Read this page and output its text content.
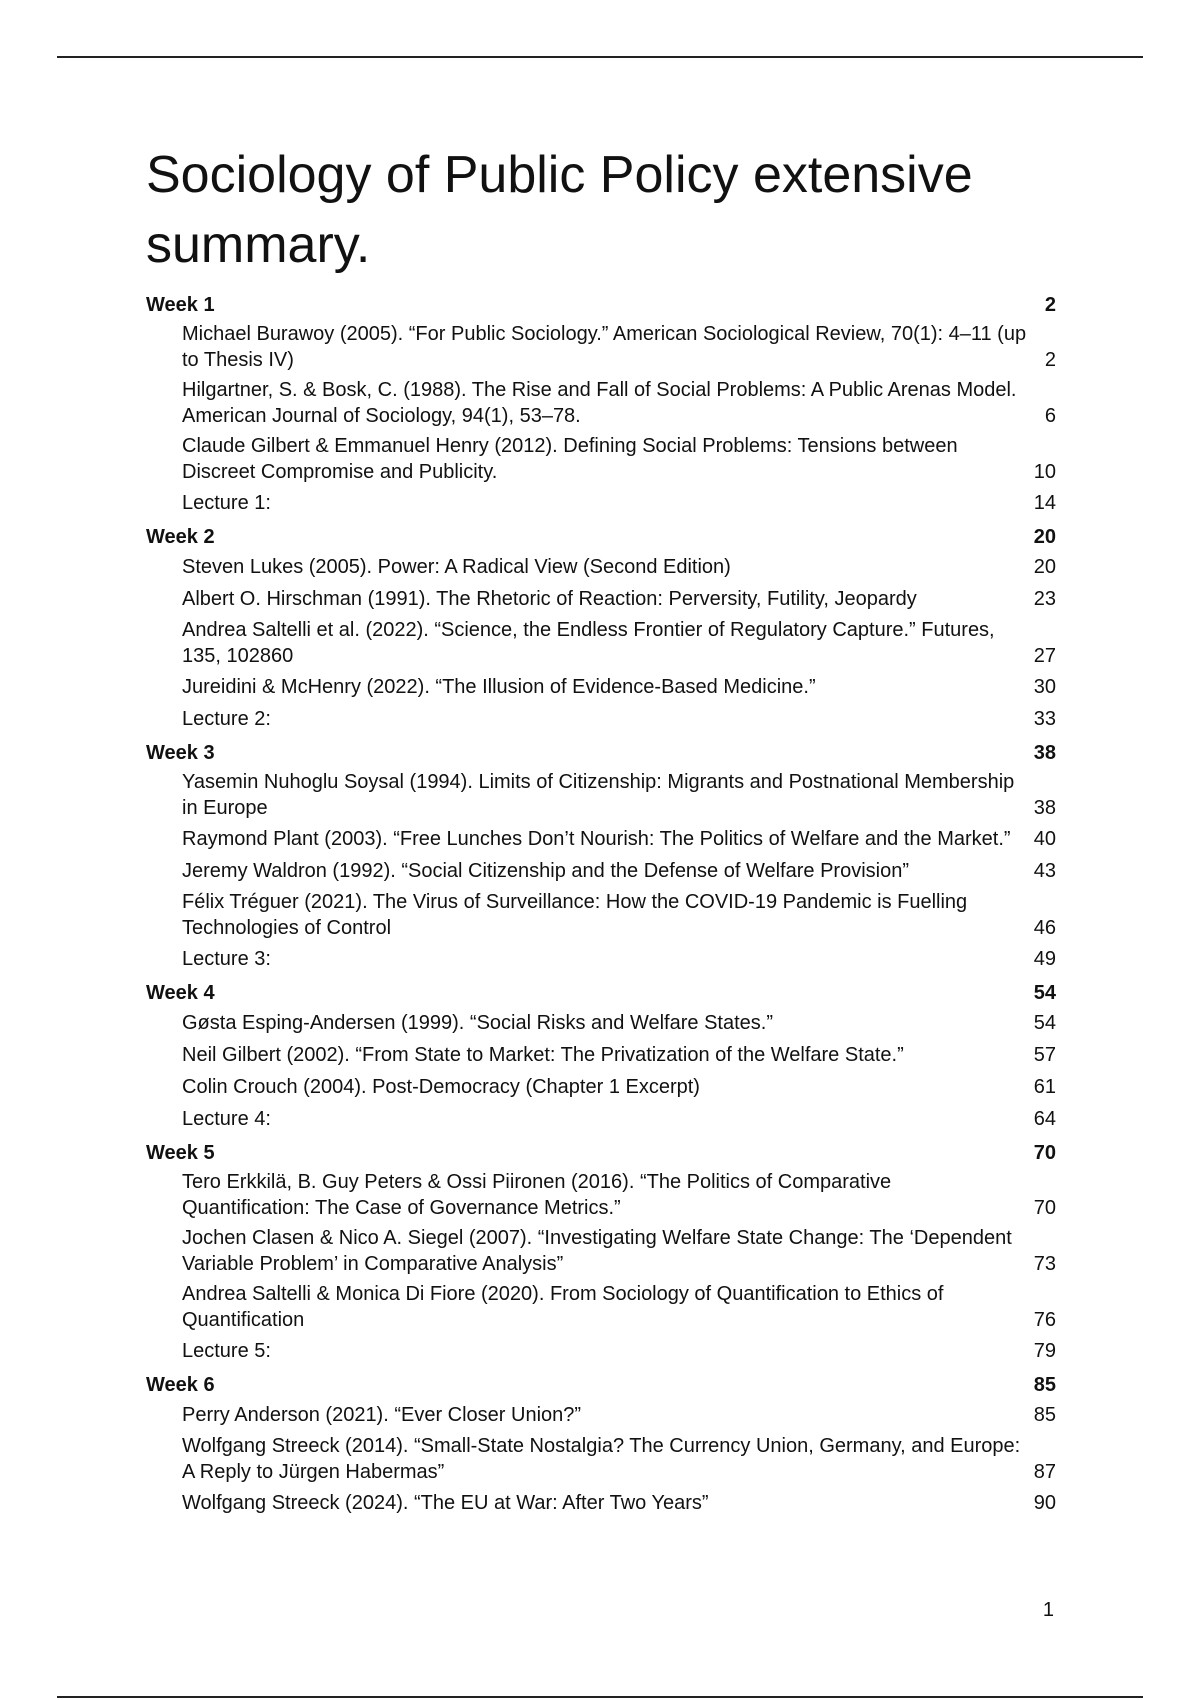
Sociology of Public Policy extensive summary.
Week 1	2
Michael Burawoy (2005). “For Public Sociology.” American Sociological Review, 70(1): 4–11 (up to Thesis IV)	2
Hilgartner, S. & Bosk, C. (1988). The Rise and Fall of Social Problems: A Public Arenas Model. American Journal of Sociology, 94(1), 53–78.	6
Claude Gilbert & Emmanuel Henry (2012). Defining Social Problems: Tensions between Discreet Compromise and Publicity.	10
Lecture 1:	14
Week 2	20
Steven Lukes (2005). Power: A Radical View (Second Edition)	20
Albert O. Hirschman (1991). The Rhetoric of Reaction: Perversity, Futility, Jeopardy	23
Andrea Saltelli et al. (2022). “Science, the Endless Frontier of Regulatory Capture.” Futures, 135, 102860	27
Jureidini & McHenry (2022). “The Illusion of Evidence-Based Medicine.”	30
Lecture 2:	33
Week 3	38
Yasemin Nuhoglu Soysal (1994). Limits of Citizenship: Migrants and Postnational Membership in Europe	38
Raymond Plant (2003). “Free Lunches Don’t Nourish: The Politics of Welfare and the Market.”	40
Jeremy Waldron (1992). “Social Citizenship and the Defense of Welfare Provision”	43
Félix Tréguer (2021). The Virus of Surveillance: How the COVID-19 Pandemic is Fuelling Technologies of Control	46
Lecture 3:	49
Week 4	54
Gøsta Esping-Andersen (1999). “Social Risks and Welfare States.”	54
Neil Gilbert (2002). “From State to Market: The Privatization of the Welfare State.”	57
Colin Crouch (2004). Post-Democracy (Chapter 1 Excerpt)	61
Lecture 4:	64
Week 5	70
Tero Erkkilä, B. Guy Peters & Ossi Piironen (2016). “The Politics of Comparative Quantification: The Case of Governance Metrics.”	70
Jochen Clasen & Nico A. Siegel (2007). “Investigating Welfare State Change: The ‘Dependent Variable Problem’ in Comparative Analysis”	73
Andrea Saltelli & Monica Di Fiore (2020). From Sociology of Quantification to Ethics of Quantification	76
Lecture 5:	79
Week 6	85
Perry Anderson (2021). “Ever Closer Union?”	85
Wolfgang Streeck (2014). “Small-State Nostalgia? The Currency Union, Germany, and Europe: A Reply to Jürgen Habermas”	87
Wolfgang Streeck (2024). “The EU at War: After Two Years”	90
1
